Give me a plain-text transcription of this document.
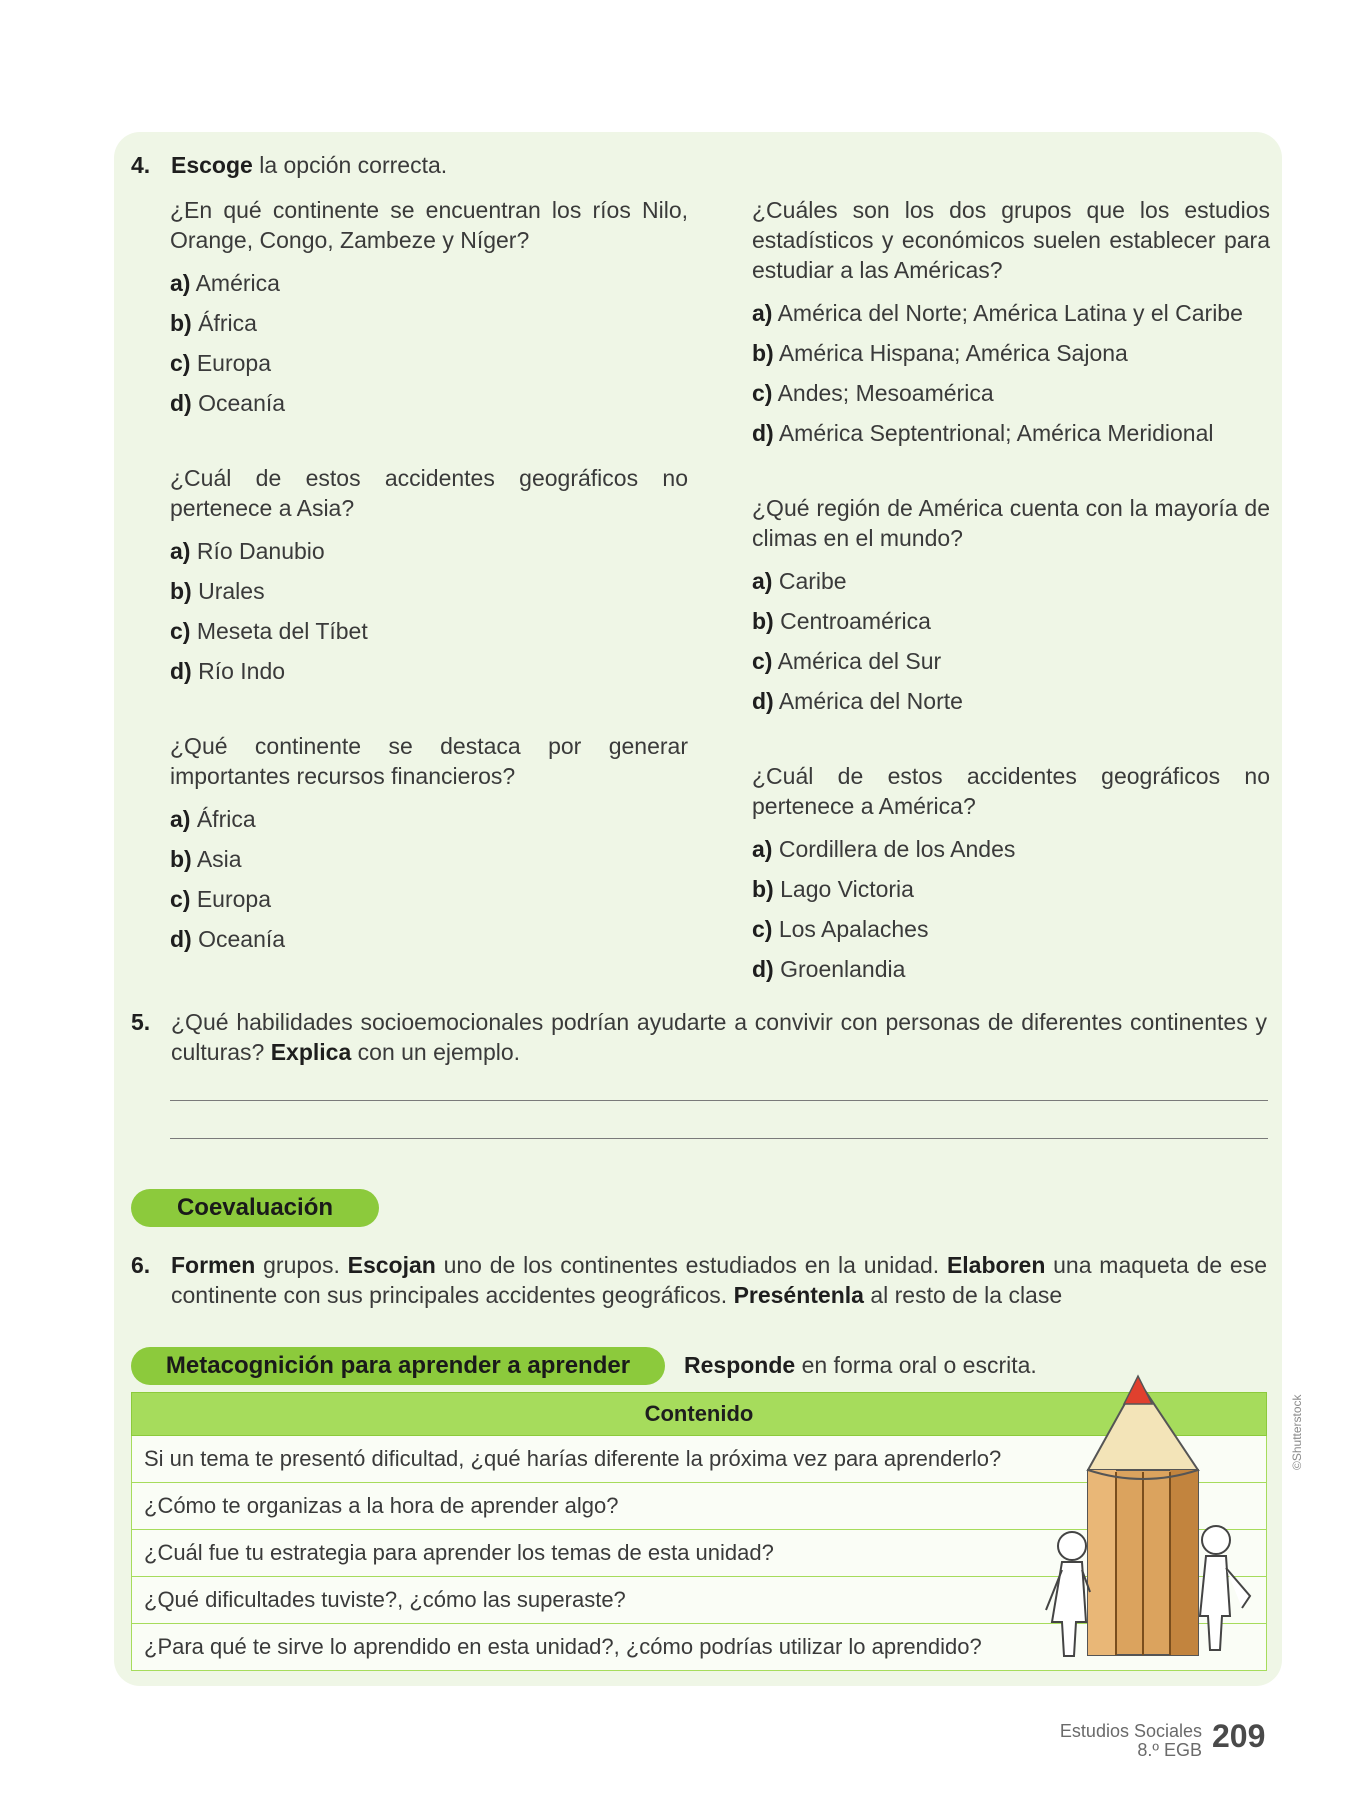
4. Escoge la opción correcta.
¿En qué continente se encuentran los ríos Nilo, Orange, Congo, Zambeze y Níger?
a) América
b) África
c) Europa
d) Oceanía
¿Cuál de estos accidentes geográficos no pertenece a Asia?
a) Río Danubio
b) Urales
c) Meseta del Tíbet
d) Río Indo
¿Qué continente se destaca por generar importantes recursos financieros?
a) África
b) Asia
c) Europa
d) Oceanía
¿Cuáles son los dos grupos que los estudios estadísticos y económicos suelen establecer para estudiar a las Américas?
a) América del Norte; América Latina y el Caribe
b) América Hispana; América Sajona
c) Andes; Mesoamérica
d) América Septentrional; América Meridional
¿Qué región de América cuenta con la mayoría de climas en el mundo?
a) Caribe
b) Centroamérica
c) América del Sur
d) América del Norte
¿Cuál de estos accidentes geográficos no pertenece a América?
a) Cordillera de los Andes
b) Lago Victoria
c) Los Apalaches
d) Groenlandia
5. ¿Qué habilidades socioemocionales podrían ayudarte a convivir con personas de diferentes continentes y culturas? Explica con un ejemplo.
Coevaluación
6. Formen grupos. Escojan uno de los continentes estudiados en la unidad. Elaboren una maqueta de ese continente con sus principales accidentes geográficos. Preséntenla al resto de la clase
Metacognición para aprender a aprender	Responde en forma oral o escrita.
Contenido
Si un tema te presentó dificultad, ¿qué harías diferente la próxima vez para aprenderlo?
¿Cómo te organizas a la hora de aprender algo?
¿Cuál fue tu estrategia para aprender los temas de esta unidad?
¿Qué dificultades tuviste?, ¿cómo las superaste?
¿Para qué te sirve lo aprendido en esta unidad?, ¿cómo podrías utilizar lo aprendido?
©Shutterstock
Estudios Sociales
8.º EGB 209
